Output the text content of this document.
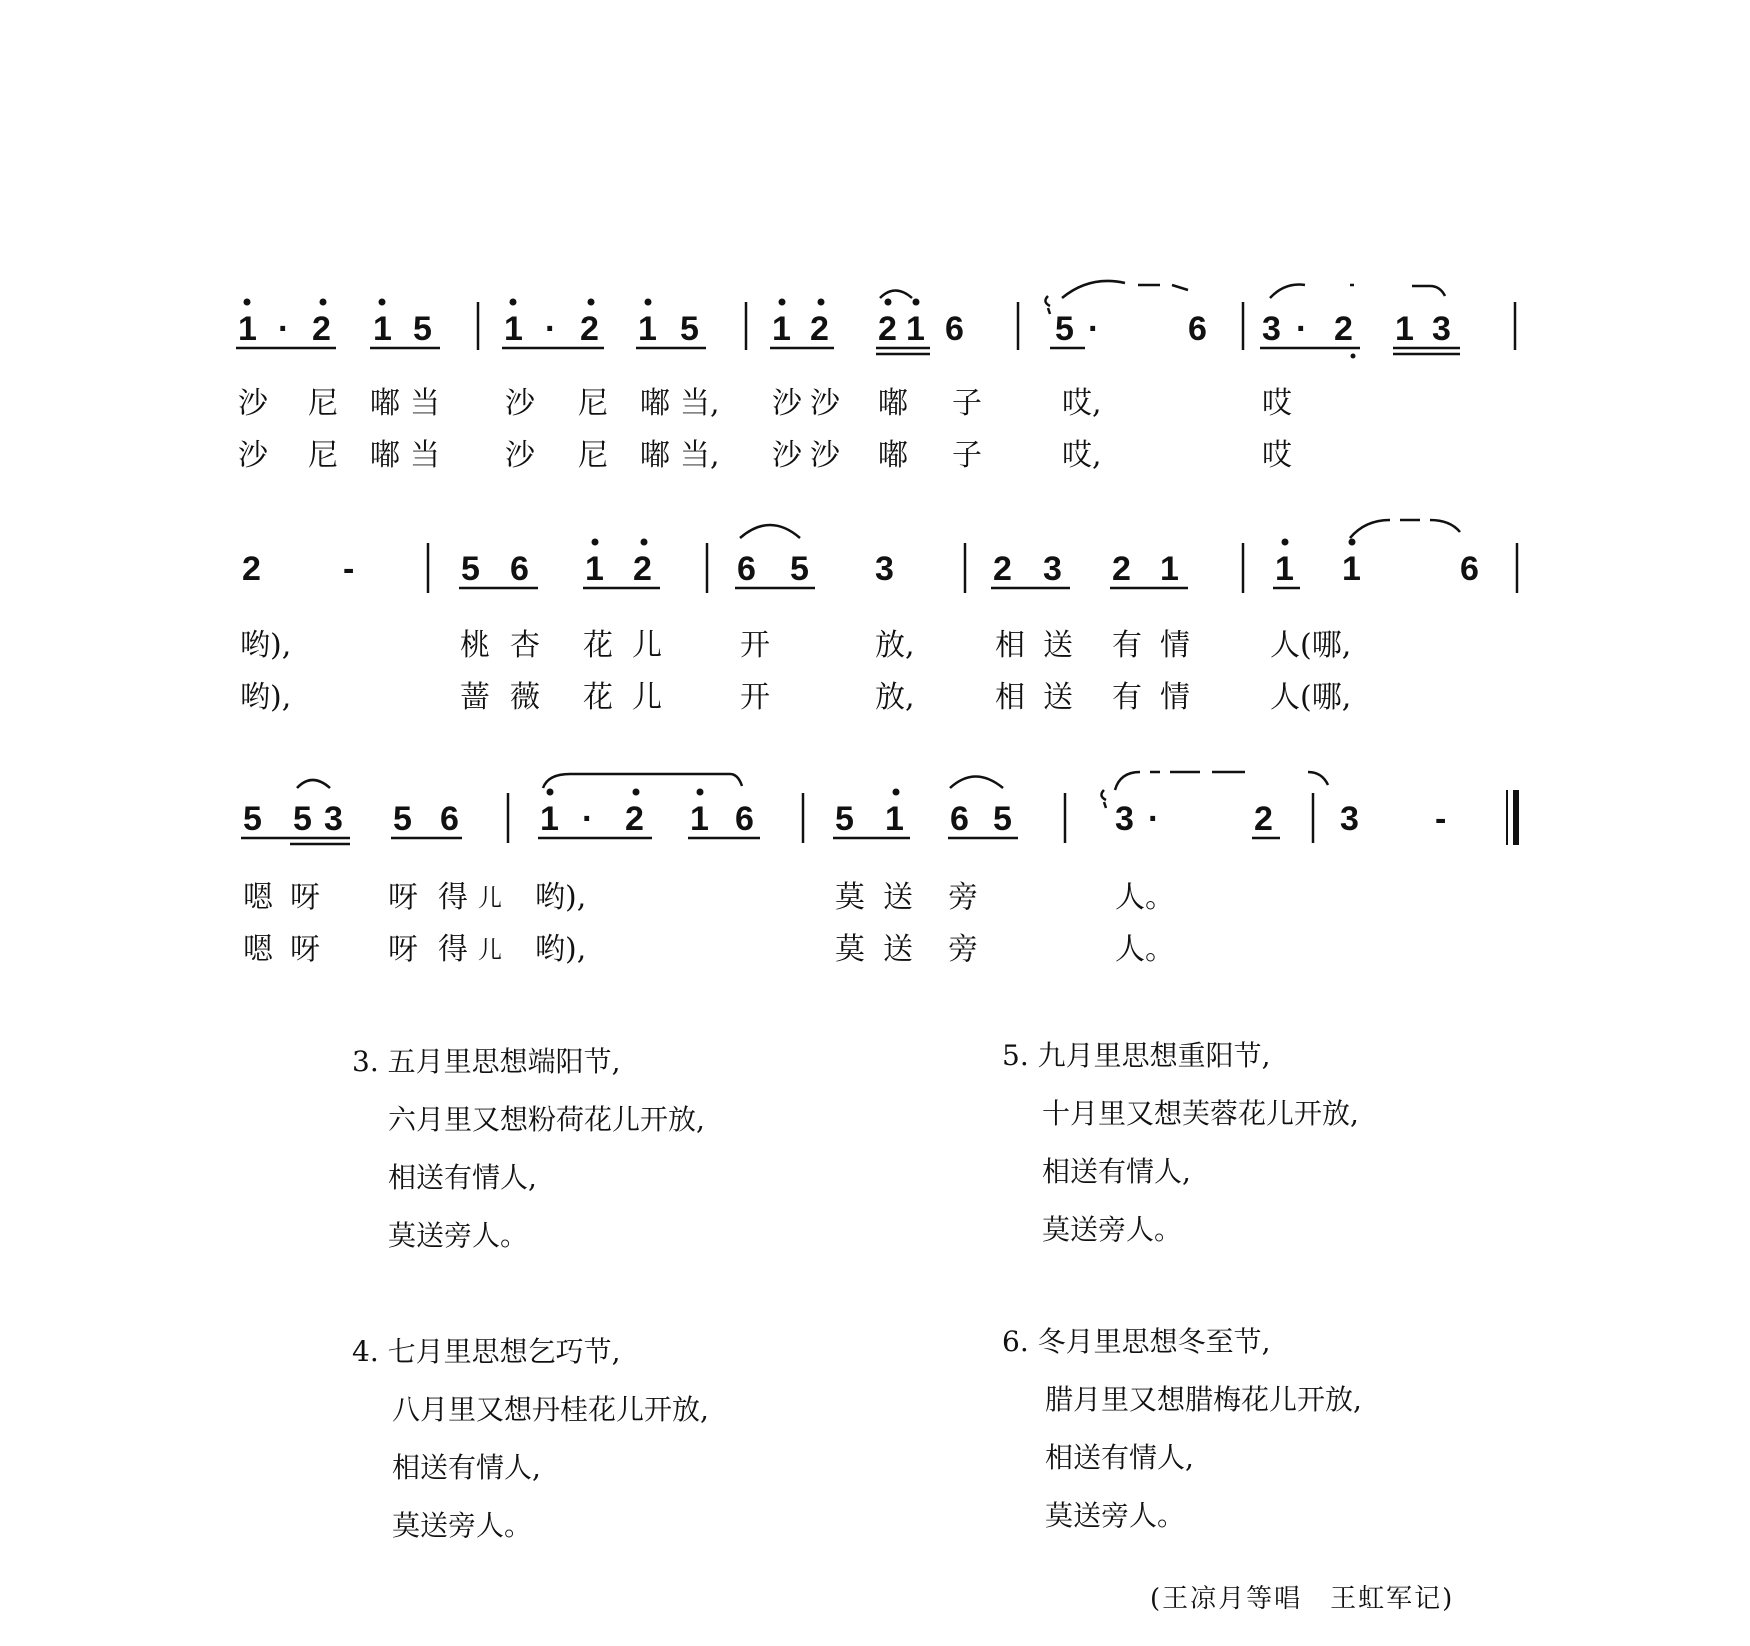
1 · 2 1 5 1 · 2 1 5 1 2 2 1 6	5 ·	6 3 · 2 1 3
沙 尼 嘟 当 沙 尼 嘟 当, 沙 沙 嘟 子	哎,	哎
沙 尼 嘟 当 沙 尼 嘟 当, 沙 沙 嘟 子	哎,	哎
2 -	5 6 1 2	6 5 3	2 3 2 1	1 1	6
哟),	桃 杏 花 儿	开	放,	相 送 有 情	人(哪,
哟),	蔷 薇 花 儿	开	放,	相 送 有 情	人(哪,
5 5 3 5 6 1 · 2 1 6 5 1 6 5	3 ·	2 3 -
嗯 呀 呀 得 儿 哟),	莫 送 旁	人。
嗯 呀 呀 得 儿 哟),	莫 送 旁	人。
3. 五月里思想端阳节,
六月里又想粉荷花儿开放,
相送有情人,
莫送旁人。
4. 七月里思想乞巧节,
八月里又想丹桂花儿开放,
相送有情人,
莫送旁人。
5. 九月里思想重阳节,
十月里又想芙蓉花儿开放,
相送有情人,
莫送旁人。
6. 冬月里思想冬至节,
腊月里又想腊梅花儿开放,
相送有情人,
莫送旁人。
(王凉月等唱　王虹军记)
